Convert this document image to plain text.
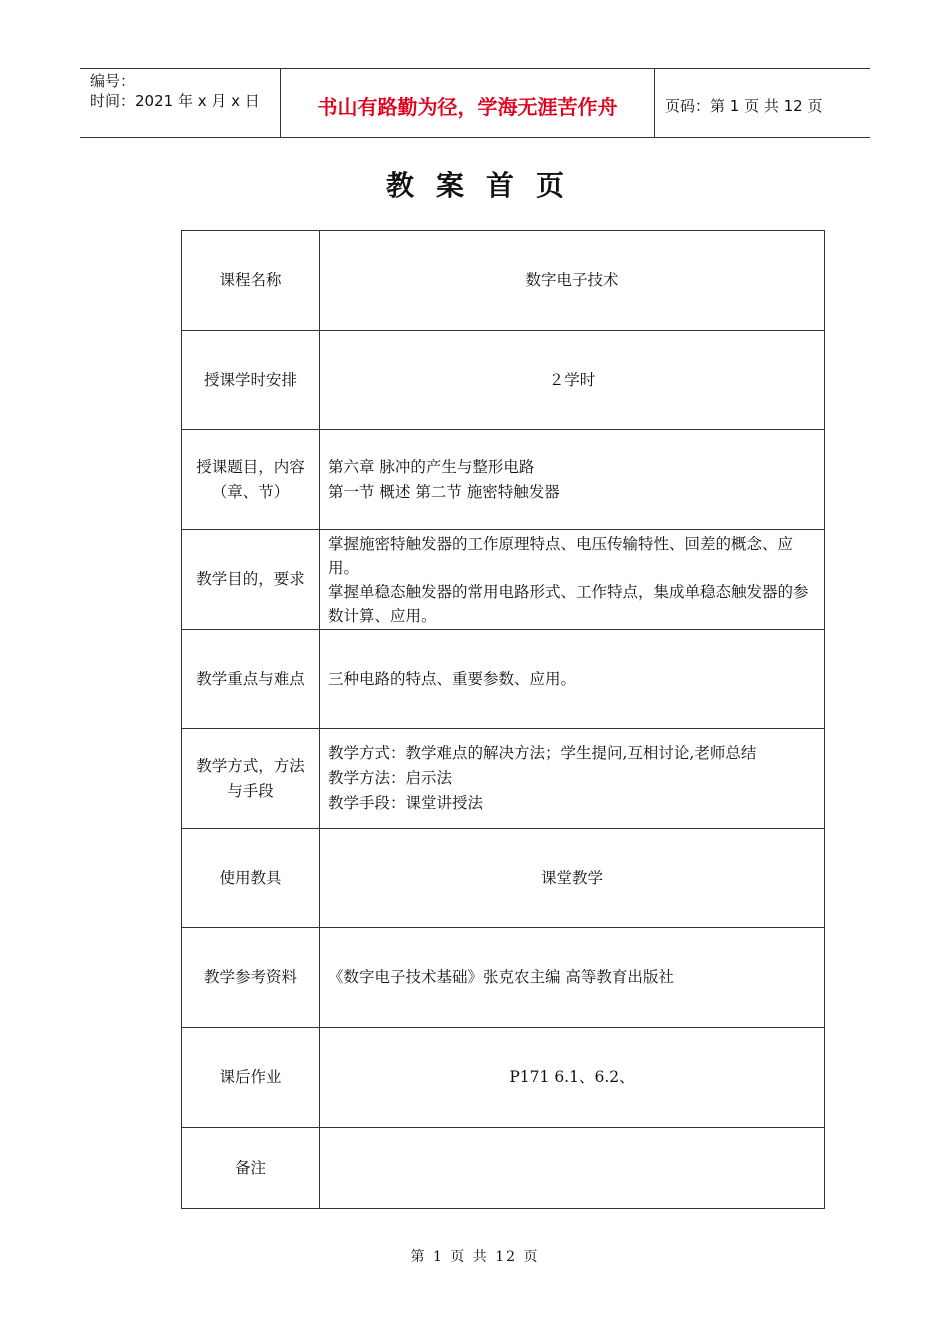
编号：
时间：2021 年 x 月 x 日	书山有路勤为径，学海无涯苦作舟	页码：第 1 页 共 12 页
教案首页
课程名称	数字电子技术

授课学时安排	２学时

授课题目，内容（章、节）	第六章 脉冲的产生与整形电路
第一节 概述 第二节 施密特触发器

教学目的，要求	掌握施密特触发器的工作原理特点、电压传输特性、回差的概念、应用。
掌握单稳态触发器的常用电路形式、工作特点，集成单稳态触发器的参数计算、应用。

教学重点与难点	三种电路的特点、重要参数、应用。

教学方式，方法与手段	教学方式：教学难点的解决方法；学生提问,互相讨论,老师总结
教学方法：启示法
教学手段：课堂讲授法

使用教具	课堂教学

教学参考资料	《数字电子技术基础》张克农主编 高等教育出版社

课后作业	P171 6.1、6.2、

备注	
第 1 页 共 12 页
